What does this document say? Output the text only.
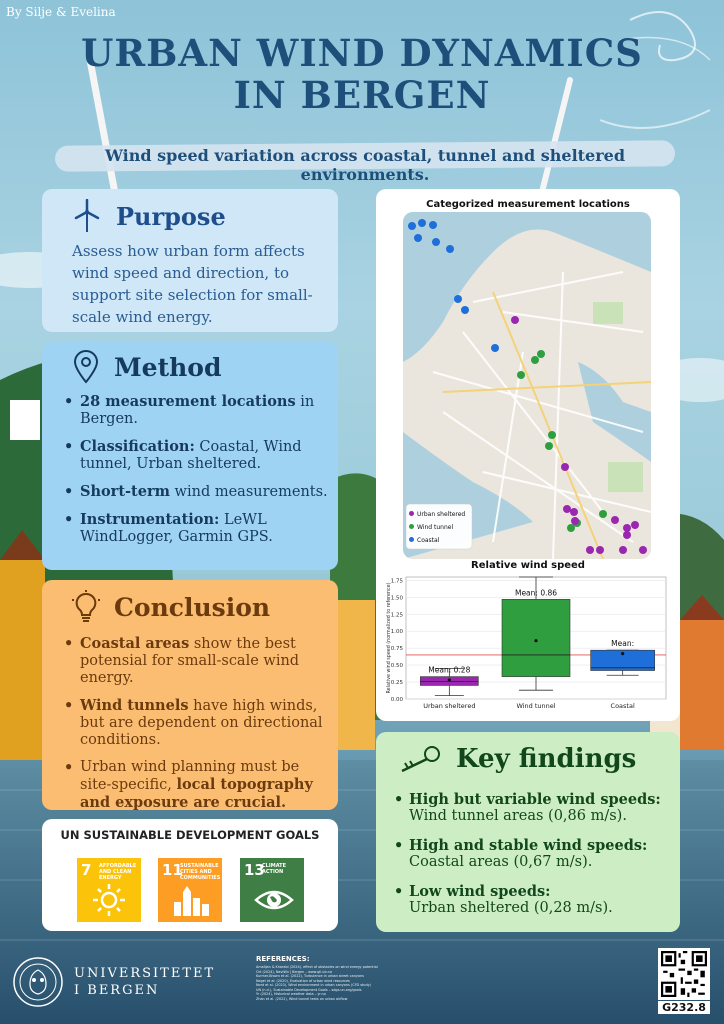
By Silje & Evelina
URBAN WIND DYNAMICS
IN BERGEN
Wind speed variation across coastal, tunnel and sheltered environments.
Purpose

Assess how urban form affects wind speed and direction, to support site selection for small-scale wind energy.

Method
• 28 measurement locations in Bergen.
• Classification: Coastal, Wind tunnel, Urban sheltered.
• Short-term wind measurements.
• Instrumentation: LeWL WindLogger, Garmin GPS.
Conclusion
• Coastal areas show the best potensial for small-scale wind energy.
• Wind tunnels have high winds, but are dependent on directional conditions.
• Urban wind planning must be site-specific, local topography and exposure are crucial.
UN SUSTAINABLE DEVELOPMENT GOALS
7 AFFORDABLE AND CLEAN ENERGY	11
SUSTAINABLE CITIES AND COMMUNITIES 13
CLIMATE ACTION
Categorized measurement locations
Urban sheltered
Wind tunnel
Coastal
Relative wind speed
0.00
0.25
0.50
0.75
1.00
1.25
1.50
1.75
Relative wind speed (normalized to reference)	Mean: 0.28
Urban sheltered
Mean: 0.86
Wind tunnel
Mean:
Coastal
Key findings
• High but variable wind speeds:
Wind tunnel areas (0,86 m/s).
• High and stable wind speeds:
Coastal areas (0,67 m/s).
• Low wind speeds:
Urban sheltered (0,28 m/s).
UNIVERSITETET
I BERGEN
REFERENCES:
Amalijan & Kharabi (2024), effect of obstacles on wind energy potential
Ort (2024), NaviWx | Bergen – www.gil.ub.no
Kurmer-Brown et al. (2022), Turbulence in urban street canyons
Nagel et al. (2020), Evaluation of urban wind resources
Nord et al. (2023), Wind environment in urban canyons (CFD study)
UN (n.d.), Sustainable Development Goals – sdgs.un.org/goals
Yr (2024), Historical weather data – yr.no
Zhan et al. (2022), Wind tunnel tests on urban airflow
G232.8
